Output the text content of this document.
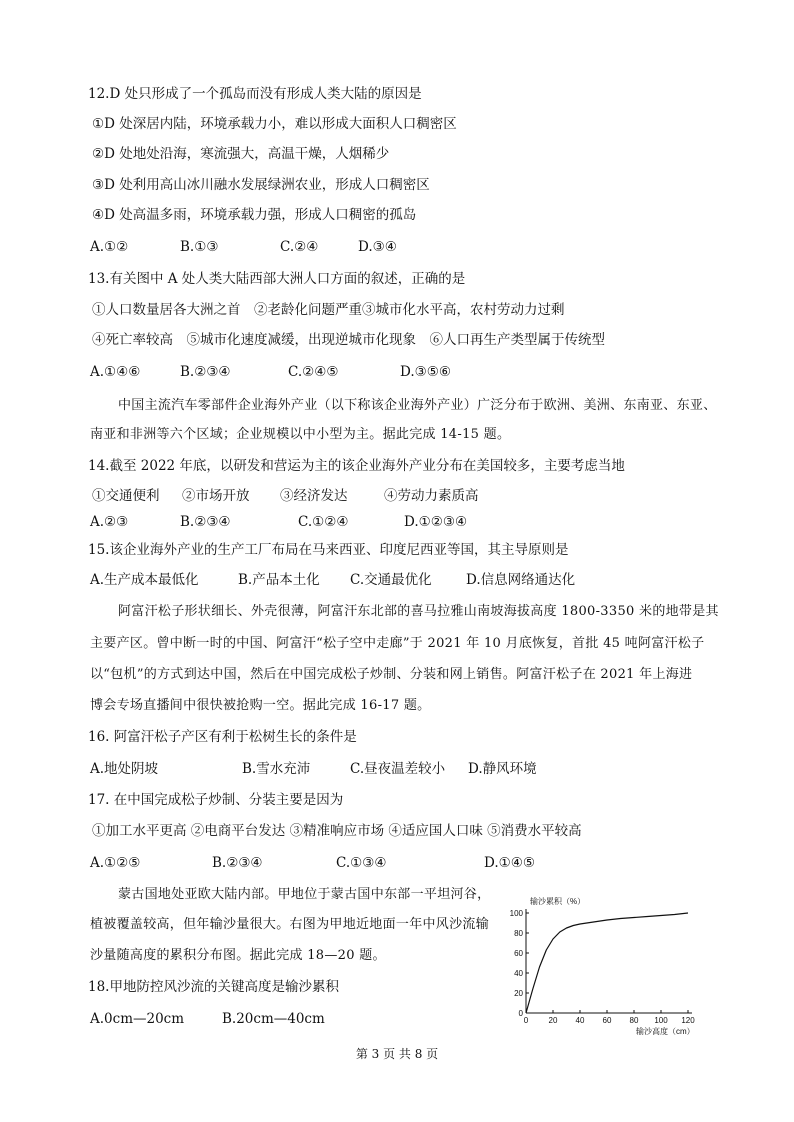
12.D 处只形成了一个孤岛而没有形成人类大陆的原因是
①D 处深居内陆，环境承载力小，难以形成大面积人口稠密区
②D 处地处沿海，寒流强大，高温干燥，人烟稀少
③D 处利用高山冰川融水发展绿洲农业，形成人口稠密区
④D 处高温多雨，环境承载力强，形成人口稠密的孤岛
A.①②	B.①③	C.②④	D.③④
13.有关图中 A 处人类大陆西部大洲人口方面的叙述，正确的是
①人口数量居各大洲之首　②老龄化问题严重③城市化水平高，农村劳动力过剩
④死亡率较高　⑤城市化速度减缓，出现逆城市化现象　⑥人口再生产类型属于传统型
A.①④⑥	B.②③④	C.②④⑤	D.③⑤⑥
中国主流汽车零部件企业海外产业（以下称该企业海外产业）广泛分布于欧洲、美洲、东南亚、东亚、
南亚和非洲等六个区域；企业规模以中小型为主。据此完成 14-15 题。
14.截至 2022 年底，以研发和营运为主的该企业海外产业分布在美国较多，主要考虑当地
①交通便利 ②市场开放 ③经济发达	④劳动力素质高
A.②③	B.②③④	C.①②④	D.①②③④
15.该企业海外产业的生产工厂布局在马来西亚、印度尼西亚等国，其主导原则是
A.生产成本最低化	B.产品本土化 C.交通最优化	D.信息网络通达化
阿富汗松子形状细长、外壳很薄，阿富汗东北部的喜马拉雅山南坡海拔高度 1800-3350 米的地带是其
主要产区。曾中断一时的中国、阿富汗“松子空中走廊”于 2021 年 10 月底恢复，首批 45 吨阿富汗松子
以“包机”的方式到达中国，然后在中国完成松子炒制、分装和网上销售。阿富汗松子在 2021 年上海进
博会专场直播间中很快被抢购一空。据此完成 16-17 题。
16. 阿富汗松子产区有利于松树生长的条件是
A.地处阴坡	B.雪水充沛	C.昼夜温差较小 D.静风环境
17. 在中国完成松子炒制、分装主要是因为
①加工水平更高 ②电商平台发达 ③精准响应市场 ④适应国人口味 ⑤消费水平较高
A.①②⑤	B.②③④	C.①③④	D.①④⑤
蒙古国地处亚欧大陆内部。甲地位于蒙古国中东部一平坦河谷，
植被覆盖较高，但年输沙量很大。右图为甲地近地面一年中风沙流输
沙量随高度的累积分布图。据此完成 18—20 题。
18.甲地防控风沙流的关键高度是输沙累积
A.0cm—20cm	B.20cm—40cm	0
20
40
60
80
100
0	20 40 60 80 100 120
输沙累积（%）
输沙高度（cm）
第 3 页 共 8 页
